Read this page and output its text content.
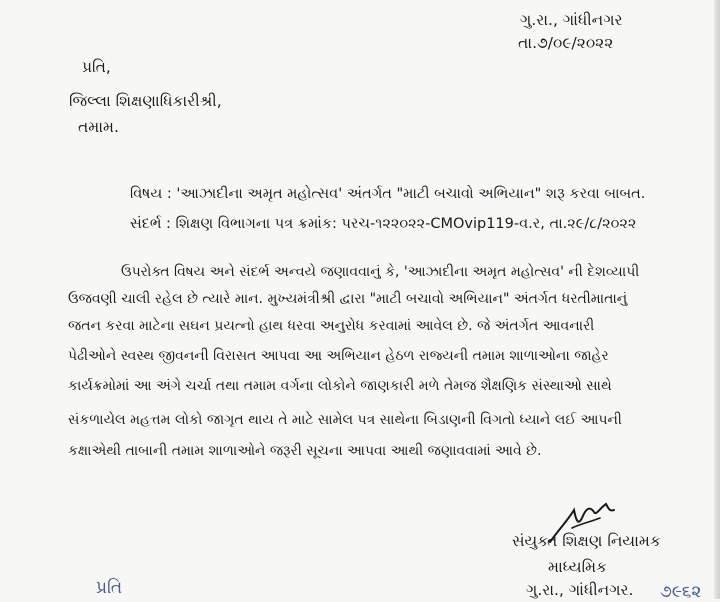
ગુ.રા., ગાંધીનગર
તા.૭/૦૯/૨૦૨૨
પ્રતિ,
જિલ્લા શિક્ષણાધિકારીશ્રી,
તમામ.
વિષય : 'આઝાદીના અમૃત મહોત્સવ' અંતર્ગત "માટી બચાવો અભિયાન" શરૂ કરવા બાબત.
સંદર્ભ : શિક્ષણ વિભાગના પત્ર ક્રમાંક: પરચ-૧૨૨૦૨૨-CMOvip119-વ.ર, તા.૨૯/૮/૨૦૨૨
ઉપરોક્ત વિષય અને સંદર્ભ અન્વયે જણાવવાનું કે, 'આઝાદીના અમૃત મહોત્સવ' ની દેશવ્યાપી
ઉજવણી ચાલી રહેલ છે ત્યારે માન. મુખ્યમંત્રીશ્રી દ્વારા "માટી બચાવો અભિયાન" અંતર્ગત ધરતીમાતાનું
જતન કરવા માટેના સઘન પ્રયત્નો હાથ ધરવા અનુરોધ કરવામાં આવેલ છે. જે અંતર્ગત આવનારી
પેઢીઓને સ્વસ્થ જીવનની વિરાસત આપવા આ અભિયાન હેઠળ રાજ્યની તમામ શાળાઓના જાહેર
કાર્યક્રમોમાં આ અંગે ચર્ચા તથા તમામ વર્ગના લોકોને જાણકારી મળે તેમજ શૈક્ષણિક સંસ્થાઓ સાથે
સંકળાયેલ મહત્તમ લોકો જાગૃત થાય તે માટે સામેલ પત્ર સાથેના બિડાણની વિગતો ધ્યાને લઈ આપની
કક્ષાએથી તાબાની તમામ શાળાઓને જરૂરી સૂચના આપવા આથી જણાવવામાં આવે છે.
સંયુક્ત શિક્ષણ નિયામક
માધ્યમિક
ગુ.રા., ગાંધીનગર.
પ્રતિ	૭૯૬૨
